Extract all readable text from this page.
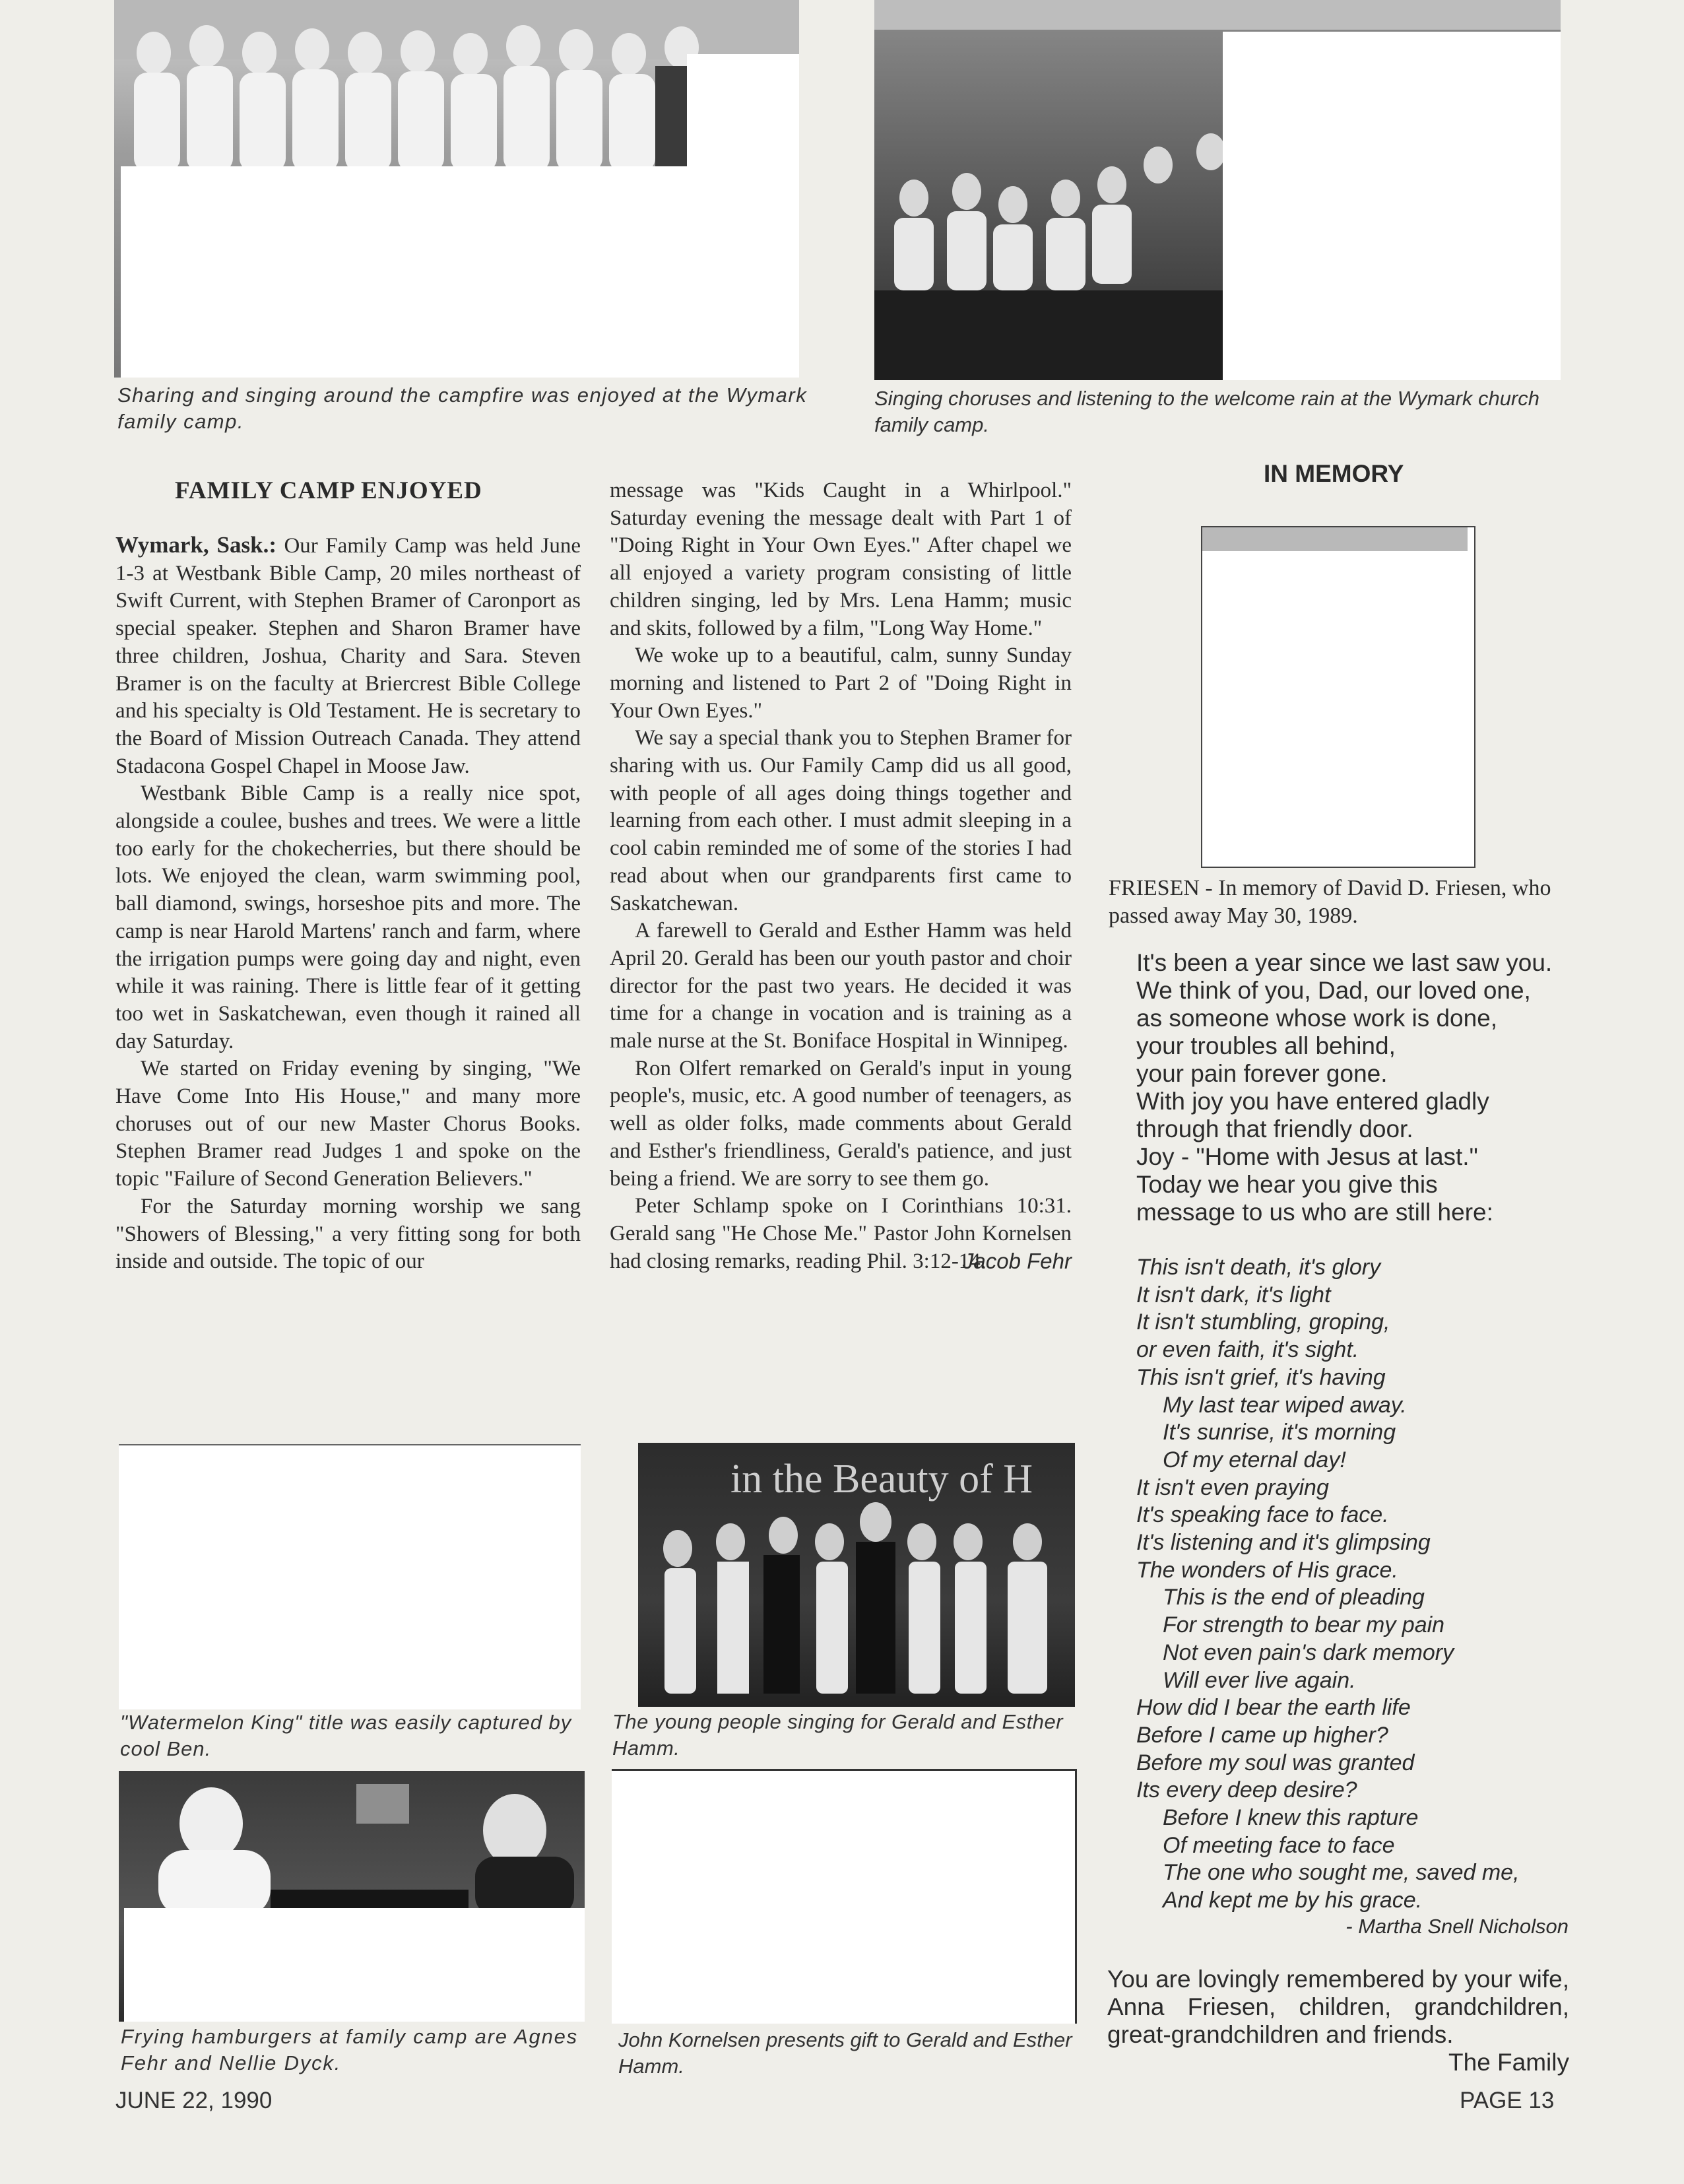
Sharing and singing around the campfire was enjoyed at the Wymark family camp.
Singing choruses and listening to the welcome rain at the Wymark church family camp.
FAMILY CAMP ENJOYED

Wymark, Sask.: Our Family Camp was held June 1-3 at Westbank Bible Camp, 20 miles northeast of Swift Current, with Stephen Bramer of Caronport as special speaker. Stephen and Sharon Bramer have three children, Joshua, Charity and Sara. Steven Bramer is on the faculty at Briercrest Bible College and his specialty is Old Testament. He is secretary to the Board of Mission Outreach Canada. They attend Stadacona Gospel Chapel in Moose Jaw.

Westbank Bible Camp is a really nice spot, alongside a coulee, bushes and trees. We were a little too early for the chokecherries, but there should be lots. We enjoyed the clean, warm swimming pool, ball diamond, swings, horseshoe pits and more. The camp is near Harold Martens' ranch and farm, where the irrigation pumps were going day and night, even while it was raining. There is little fear of it getting too wet in Saskatchewan, even though it rained all day Saturday.

We started on Friday evening by singing, "We Have Come Into His House," and many more choruses out of our new Master Chorus Books. Stephen Bramer read Judges 1 and spoke on the topic "Failure of Second Generation Believers."

For the Saturday morning worship we sang "Showers of Blessing," a very fitting song for both inside and outside. The topic of our

message was "Kids Caught in a Whirlpool." Saturday evening the message dealt with Part 1 of "Doing Right in Your Own Eyes." After chapel we all enjoyed a variety program consisting of little children singing, led by Mrs. Lena Hamm; music and skits, followed by a film, "Long Way Home."

We woke up to a beautiful, calm, sunny Sunday morning and listened to Part 2 of "Doing Right in Your Own Eyes."

We say a special thank you to Stephen Bramer for sharing with us. Our Family Camp did us all good, with people of all ages doing things together and learning from each other. I must admit sleeping in a cool cabin reminded me of some of the stories I had read about when our grandparents first came to Saskatchewan.

A farewell to Gerald and Esther Hamm was held April 20. Gerald has been our youth pastor and choir director for the past two years. He decided it was time for a change in vocation and is training as a male nurse at the St. Boniface Hospital in Winnipeg.

Ron Olfert remarked on Gerald's input in young people's, music, etc. A good number of teenagers, as well as older folks, made comments about Gerald and Esther's friendliness, Gerald's patience, and just being a friend. We are sorry to see them go.

Peter Schlamp spoke on I Corinthians 10:31. Gerald sang "He Chose Me." Pastor John Kornelsen had closing remarks, reading Phil. 3:12-14.

Jacob Fehr
"Watermelon King" title was easily captured by cool Ben.
in the Beauty of H
The young people singing for Gerald and Esther Hamm.
Frying hamburgers at family camp are Agnes Fehr and Nellie Dyck.
John Kornelsen presents gift to Gerald and Esther Hamm.
IN MEMORY
FRIESEN - In memory of David D. Friesen, who passed away May 30, 1989.
It's been a year since we last saw you.
We think of you, Dad, our loved one,
as someone whose work is done,
your troubles all behind,
your pain forever gone.
With joy you have entered gladly
through that friendly door.
Joy - "Home with Jesus at last."
Today we hear you give this
message to us who are still here:
This isn't death, it's glory
It isn't dark, it's light
It isn't stumbling, groping,
or even faith, it's sight.
This isn't grief, it's having
My last tear wiped away.
It's sunrise, it's morning
Of my eternal day!
It isn't even praying
It's speaking face to face.
It's listening and it's glimpsing
The wonders of His grace.
This is the end of pleading
For strength to bear my pain
Not even pain's dark memory
Will ever live again.
How did I bear the earth life
Before I came up higher?
Before my soul was granted
Its every deep desire?
Before I knew this rapture
Of meeting face to face
The one who sought me, saved me,
And kept me by his grace.
- Martha Snell Nicholson
You are lovingly remembered by your wife, Anna Friesen, children, grandchildren, great-grandchildren and friends.
The Family
JUNE 22, 1990	PAGE 13
